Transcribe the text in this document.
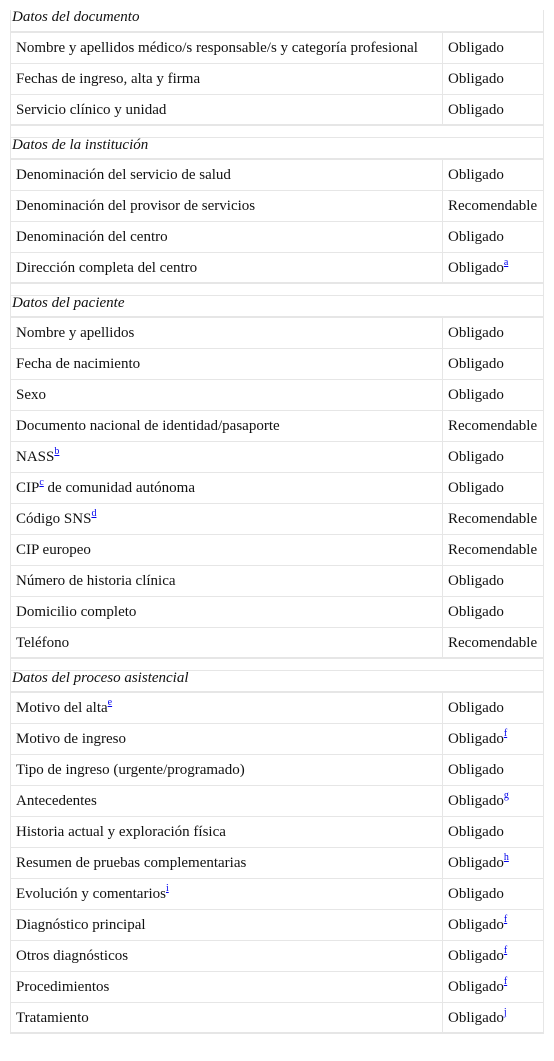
Datos del documento
Nombre y apellidos médico/s responsable/s y categoría profesional	Obligado
Fechas de ingreso, alta y firma	Obligado
Servicio clínico y unidad	Obligado
Datos de la institución
Denominación del servicio de salud	Obligado
Denominación del provisor de servicios	Recomendable
Denominación del centro	Obligado
Dirección completa del centro	Obligado$^a$
Datos del paciente
Nombre y apellidos	Obligado
Fecha de nacimiento	Obligado
Sexo	Obligado
Documento nacional de identidad/pasaporte	Recomendable
NASS$^b$	Obligado
CIP$^c$ de comunidad autónoma	Obligado
Código SNS$^d$	Recomendable
CIP europeo	Recomendable
Número de historia clínica	Obligado
Domicilio completo	Obligado
Teléfono	Recomendable
Datos del proceso asistencial
Motivo del alta$^e$	Obligado
Motivo de ingreso	Obligado$^f$
Tipo de ingreso (urgente/programado)	Obligado
Antecedentes	Obligado$^g$
Historia actual y exploración física	Obligado
Resumen de pruebas complementarias	Obligado$^h$
Evolución y comentarios$^i$	Obligado
Diagnóstico principal	Obligado$^f$
Otros diagnósticos	Obligado$^f$
Procedimientos	Obligado$^f$
Tratamiento	Obligado$^j$
